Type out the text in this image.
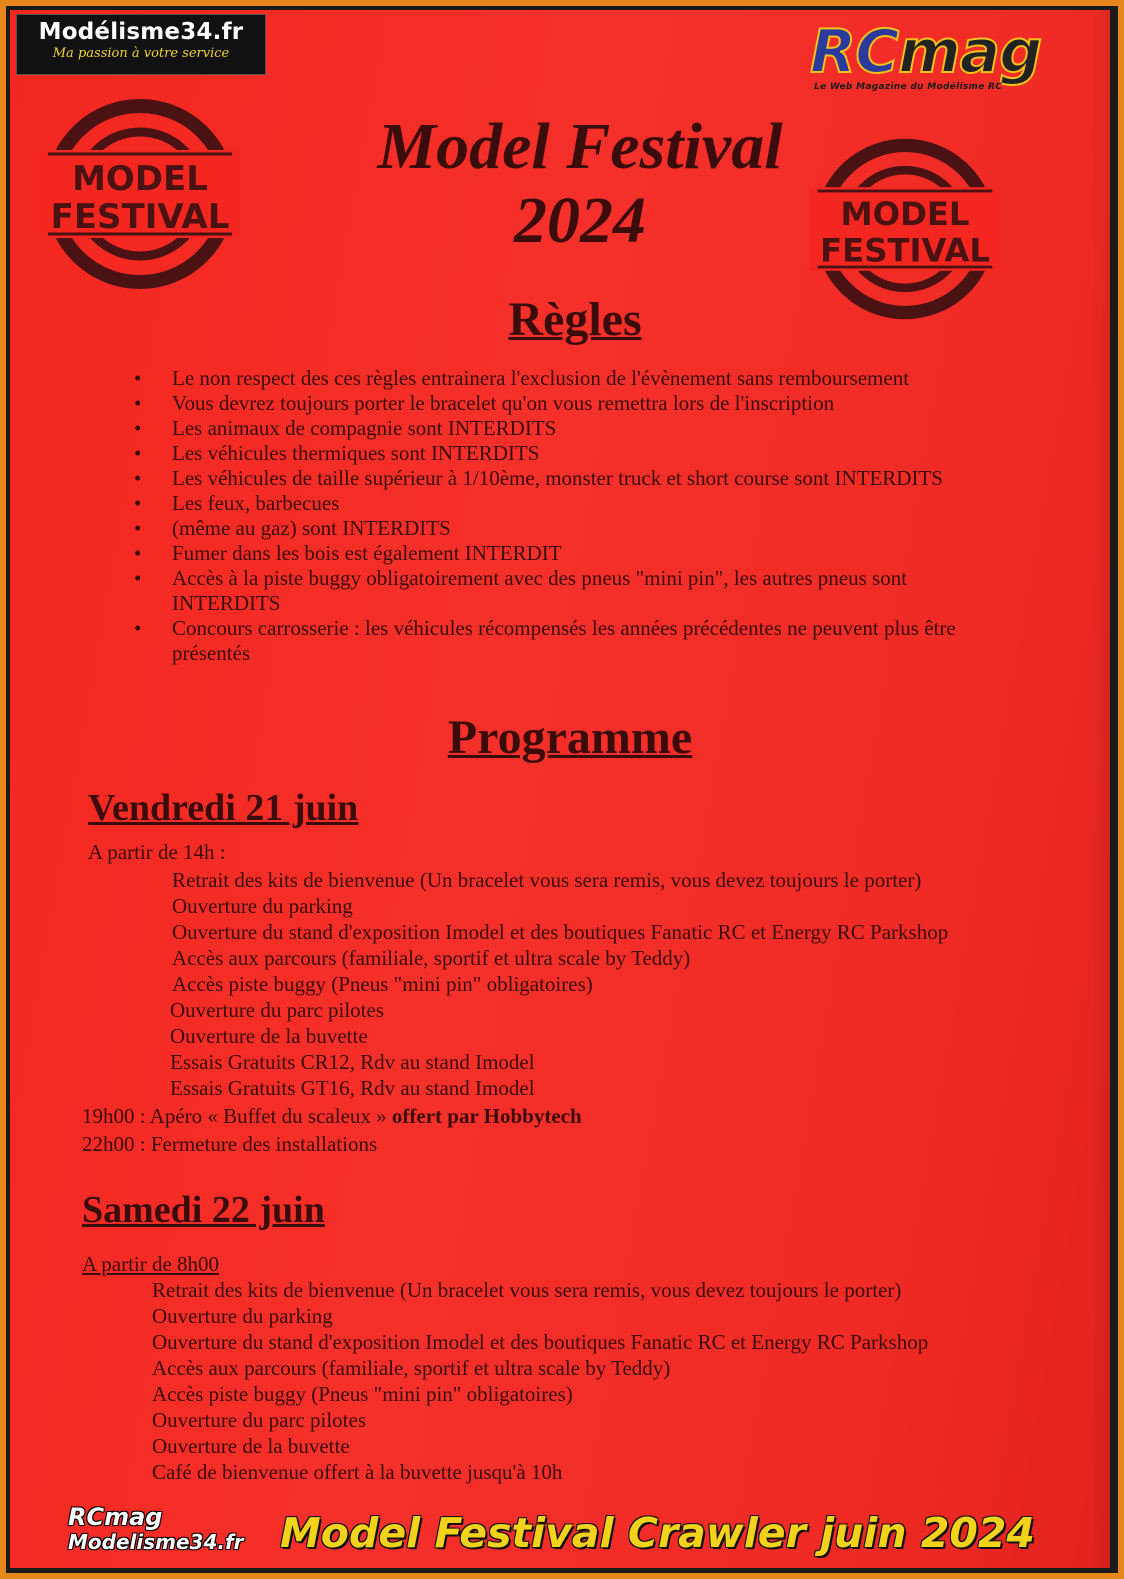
MODEL
FESTIVAL	MODEL
FESTIVAL
Model Festival
2024
Règles
• Le non respect des ces règles entrainera l'exclusion de l'évènement sans remboursement
• Vous devrez toujours porter le bracelet qu'on vous remettra lors de l'inscription
• Les animaux de compagnie sont INTERDITS
• Les véhicules thermiques sont INTERDITS
• Les véhicules de taille supérieur à 1/10ème, monster truck et short course sont INTERDITS
• Les feux, barbecues
• (même au gaz) sont INTERDITS
• Fumer dans les bois est également INTERDIT
• Accès à la piste buggy obligatoirement avec des pneus "mini pin", les autres pneus sont INTERDITS
• Concours carrosserie : les véhicules récompensés les années précédentes ne peuvent plus être présentés
Programme
Vendredi 21 juin
A partir de 14h :
Retrait des kits de bienvenue (Un bracelet vous sera remis, vous devez toujours le porter)
Ouverture du parking
Ouverture du stand d'exposition Imodel et des boutiques Fanatic RC et Energy RC Parkshop
Accès aux parcours (familiale, sportif et ultra scale by Teddy)
Accès piste buggy (Pneus "mini pin" obligatoires)
Ouverture du parc pilotes
Ouverture de la buvette
Essais Gratuits CR12, Rdv au stand Imodel
Essais Gratuits GT16, Rdv au stand Imodel
19h00 : Apéro « Buffet du scaleux » offert par Hobbytech
22h00 : Fermeture des installations
Samedi 22 juin
A partir de 8h00
Retrait des kits de bienvenue (Un bracelet vous sera remis, vous devez toujours le porter)
Ouverture du parking
Ouverture du stand d'exposition Imodel et des boutiques Fanatic RC et Energy RC Parkshop
Accès aux parcours (familiale, sportif et ultra scale by Teddy)
Accès piste buggy (Pneus "mini pin" obligatoires)
Ouverture du parc pilotes
Ouverture de la buvette
Café de bienvenue offert à la buvette jusqu'à 10h
RCmag
Modelisme34.fr Model Festival Crawler juin 2024
Modélisme34.fr
Ma passion à votre service	RCmag
Le Web Magazine du Modélisme RC
